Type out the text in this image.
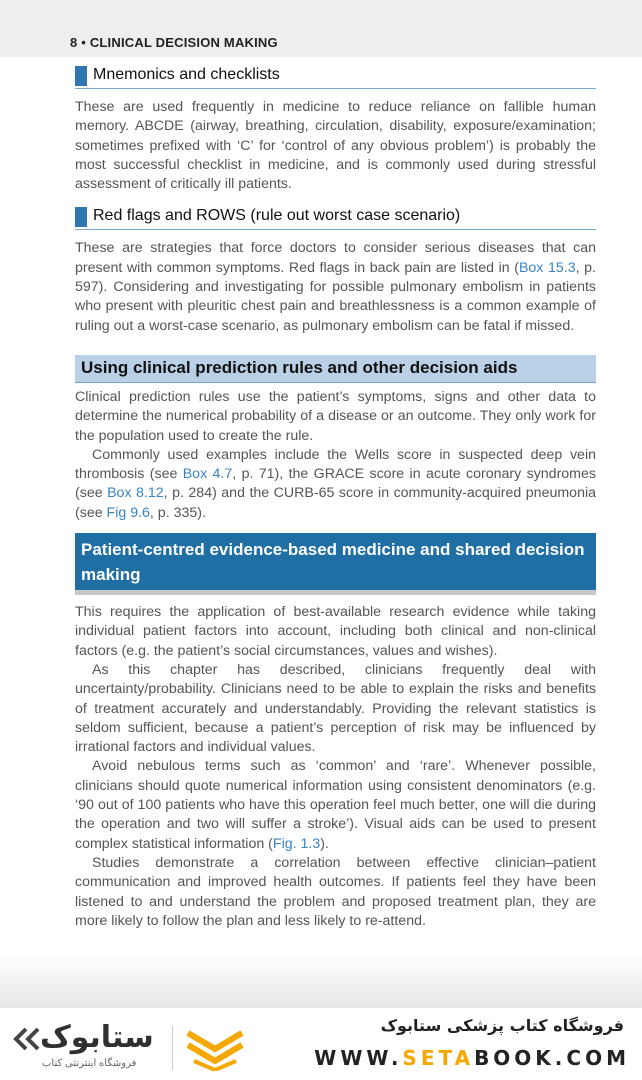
8 • CLINICAL DECISION MAKING
Mnemonics and checklists

These are used frequently in medicine to reduce reliance on fallible human memory. ABCDE (airway, breathing, circulation, disability, exposure/examination; sometimes prefixed with ‘C’ for ‘control of any obvious problem’) is probably the most successful checklist in medicine, and is commonly used during stressful assessment of critically ill patients.

Red flags and ROWS (rule out worst case scenario)

These are strategies that force doctors to consider serious diseases that can present with common symptoms. Red flags in back pain are listed in (Box 15.3, p. 597). Considering and investigating for possible pulmonary embolism in patients who present with pleuritic chest pain and breathlessness is a common example of ruling out a worst-case scenario, as pulmonary embolism can be fatal if missed.

Using clinical prediction rules and other decision aids

Clinical prediction rules use the patient’s symptoms, signs and other data to determine the numerical probability of a disease or an outcome. They only work for the population used to create the rule.

Commonly used examples include the Wells score in suspected deep vein thrombosis (see Box 4.7, p. 71), the GRACE score in acute coronary syndromes (see Box 8.12, p. 284) and the CURB-65 score in community-acquired pneumonia (see Fig 9.6, p. 335).

Patient-centred evidence-based medicine and shared decision making

This requires the application of best-available research evidence while taking individual patient factors into account, including both clinical and non-clinical factors (e.g. the patient’s social circumstances, values and wishes).

As this chapter has described, clinicians frequently deal with uncertainty/probability. Clinicians need to be able to explain the risks and benefits of treatment accurately and understandably. Providing the relevant statistics is seldom sufficient, because a patient’s perception of risk may be influenced by irrational factors and individual values.

Avoid nebulous terms such as ‘common’ and ‘rare’. Whenever possible, clinicians should quote numerical information using consistent denominators (e.g. ‘90 out of 100 patients who have this operation feel much better, one will die during the operation and two will suffer a stroke’). Visual aids can be used to present complex statistical information (Fig. 1.3).

Studies demonstrate a correlation between effective clinician–patient communication and improved health outcomes. If patients feel they have been listened to and understand the problem and proposed treatment plan, they are more likely to follow the plan and less likely to re-attend.

ستابوک
فروشگاه اینترنتی کتاب
فروشگاه کتاب پزشکی ستابوک
WWW.SETABOOK.COM
